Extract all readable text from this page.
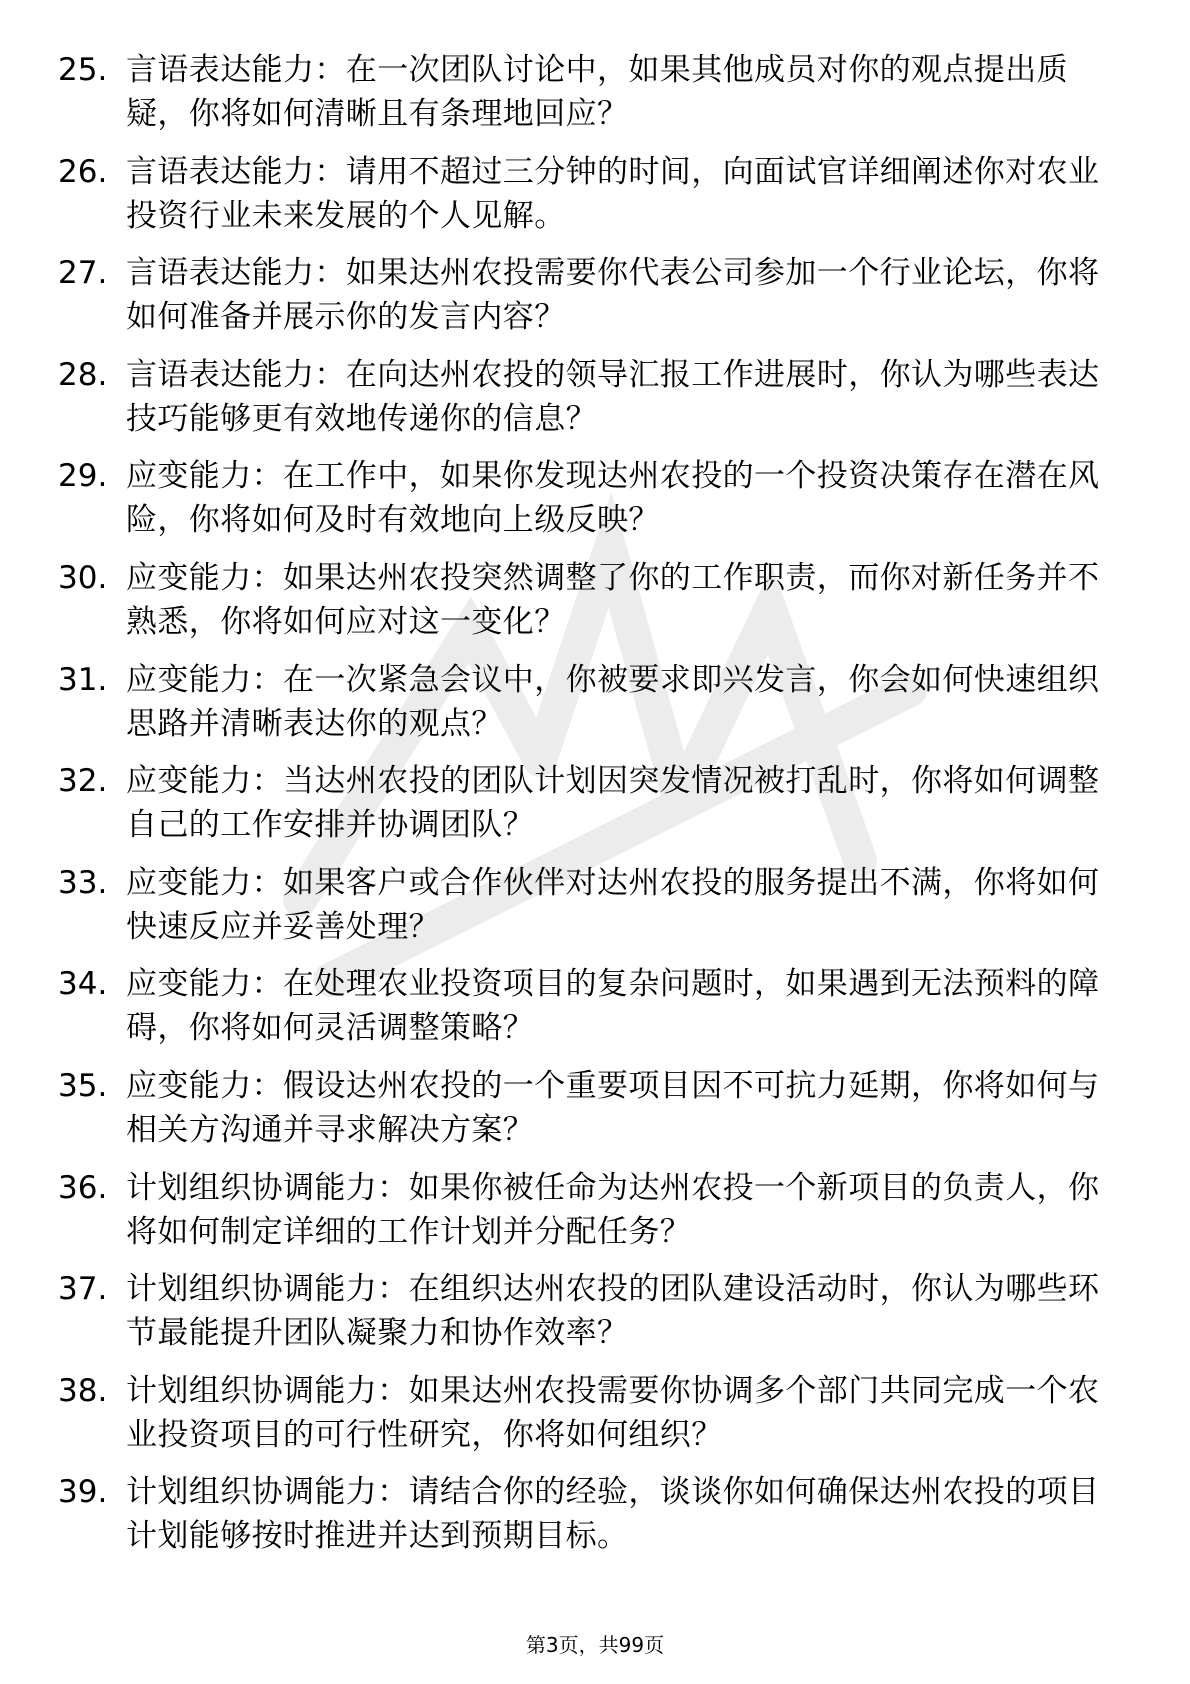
25. 言语表达能力：在一次团队讨论中，如果其他成员对你的观点提出质疑，你将如何清晰且有条理地回应？
26. 言语表达能力：请用不超过三分钟的时间，向面试官详细阐述你对农业投资行业未来发展的个人见解。
27. 言语表达能力：如果达州农投需要你代表公司参加一个行业论坛，你将如何准备并展示你的发言内容？
28. 言语表达能力：在向达州农投的领导汇报工作进展时，你认为哪些表达技巧能够更有效地传递你的信息？
29. 应变能力：在工作中，如果你发现达州农投的一个投资决策存在潜在风险，你将如何及时有效地向上级反映？
30. 应变能力：如果达州农投突然调整了你的工作职责，而你对新任务并不熟悉，你将如何应对这一变化？
31. 应变能力：在一次紧急会议中，你被要求即兴发言，你会如何快速组织思路并清晰表达你的观点？
32. 应变能力：当达州农投的团队计划因突发情况被打乱时，你将如何调整自己的工作安排并协调团队？
33. 应变能力：如果客户或合作伙伴对达州农投的服务提出不满，你将如何快速反应并妥善处理？
34. 应变能力：在处理农业投资项目的复杂问题时，如果遇到无法预料的障碍，你将如何灵活调整策略？
35. 应变能力：假设达州农投的一个重要项目因不可抗力延期，你将如何与相关方沟通并寻求解决方案？
36. 计划组织协调能力：如果你被任命为达州农投一个新项目的负责人，你将如何制定详细的工作计划并分配任务？
37. 计划组织协调能力：在组织达州农投的团队建设活动时，你认为哪些环节最能提升团队凝聚力和协作效率？
38. 计划组织协调能力：如果达州农投需要你协调多个部门共同完成一个农业投资项目的可行性研究，你将如何组织？
39. 计划组织协调能力：请结合你的经验，谈谈你如何确保达州农投的项目计划能够按时推进并达到预期目标。
第3页，共99页
